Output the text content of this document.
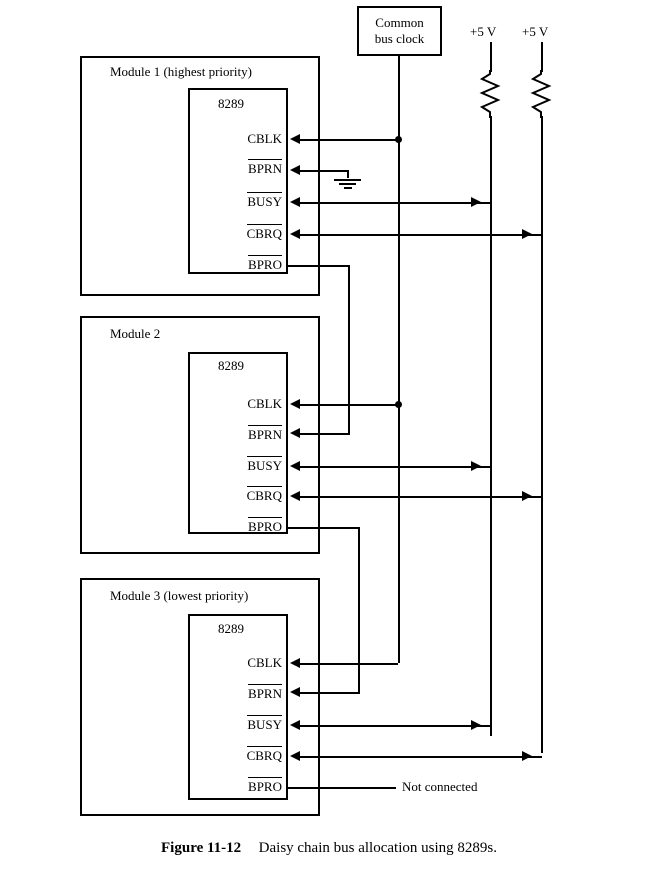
Common
bus clock	+5 V +5 V
Module 1 (highest priority)
8289
CBLK
BPRN
BUSY
CBRQ
BPRO
Module 2
8289
CBLK
BPRN
BUSY
CBRQ
BPRO
Module 3 (lowest priority)
8289
CBLK
BPRN
BUSY
CBRQ
BPRO	Not connected
Figure 11-12 Daisy chain bus allocation using 8289s.
